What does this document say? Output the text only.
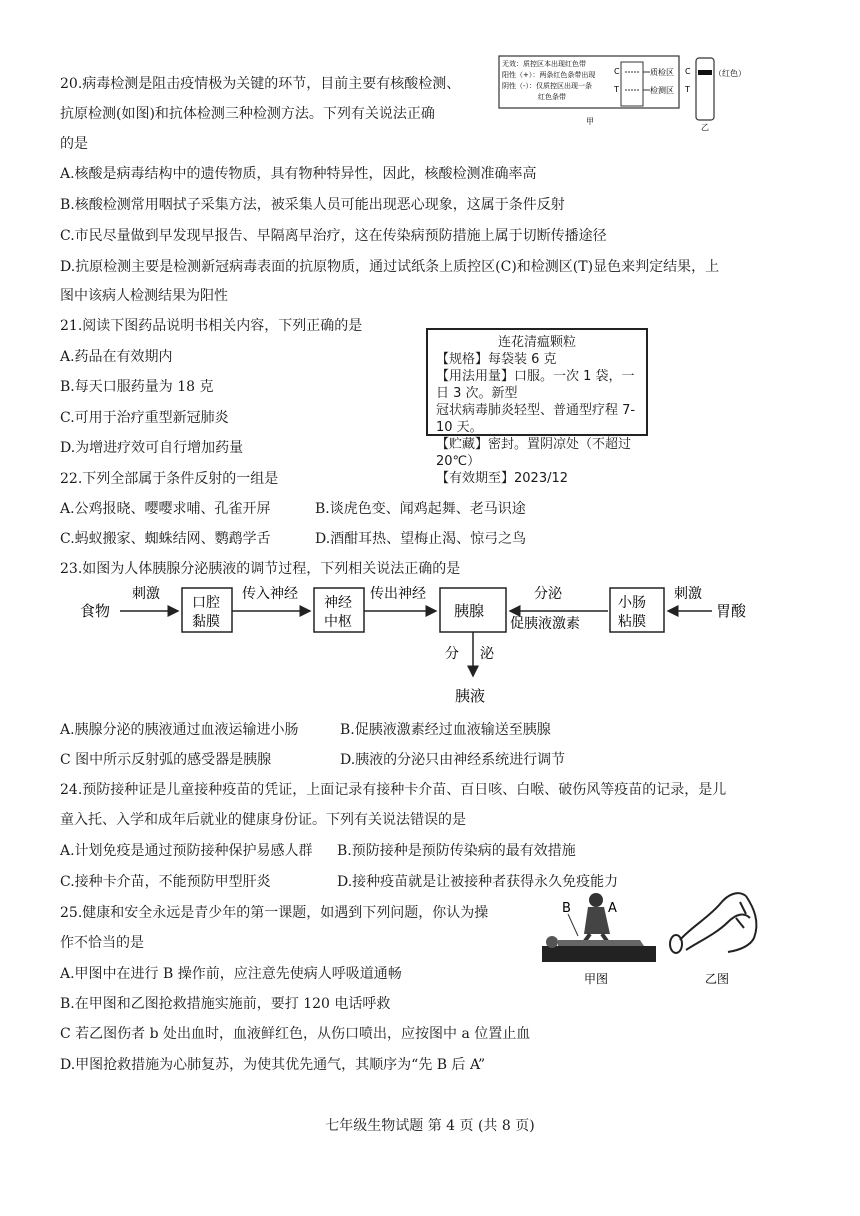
20.病毒检测是阻击疫情极为关键的环节，目前主要有核酸检测、
抗原检测(如图)和抗体检测三种检测方法。下列有关说法正确
的是
A.核酸是病毒结构中的遗传物质，具有物种特异性，因此，核酸检测准确率高
B.核酸检测常用咽拭子采集方法，被采集人员可能出现恶心现象，这属于条件反射
C.市民尽量做到早发现早报告、早隔离早治疗，这在传染病预防措施上属于切断传播途径
D.抗原检测主要是检测新冠病毒表面的抗原物质，通过试纸条上质控区(C)和检测区(T)显色来判定结果，上
图中该病人检测结果为阳性
无效：质控区本出现红色带
阳性（+）：两条红色条带出现
阴性（-）：仅质控区出现一条
红色条带
C
T
质检区
检测区
C
T
（红色）
甲
乙
21.阅读下图药品说明书相关内容，下列正确的是
A.药品在有效期内
B.每天口服药量为 18 克
C.可用于治疗重型新冠肺炎
D.为增进疗效可自行增加药量
连花清瘟颗粒
【规格】每袋装 6 克
【用法用量】口服。一次 1 袋，一日 3 次。新型
冠状病毒肺炎轻型、普通型疗程 7-10 天。
【贮藏】密封。置阴凉处（不超过 20℃）
【有效期至】2023/12
22.下列全部属于条件反射的一组是
A.公鸡报晓、嘤嘤求哺、孔雀开屏	B.谈虎色变、闻鸡起舞、老马识途
C.蚂蚁搬家、蜘蛛结网、鹦鹉学舌	D.酒酣耳热、望梅止渴、惊弓之鸟
23.如图为人体胰腺分泌胰液的调节过程，下列相关说法正确的是
食物
刺激
口腔
黏膜
传入神经
神经
中枢
传出神经
胰腺
分泌
促胰液激素
小肠
粘膜
刺激
胃酸
分 泌
胰液
A.胰腺分泌的胰液通过血液运输进小肠	B.促胰液激素经过血液输送至胰腺
C 图中所示反射弧的感受器是胰腺	D.胰液的分泌只由神经系统进行调节
24.预防接种证是儿童接种疫苗的凭证，上面记录有接种卡介苗、百日咳、白喉、破伤风等疫苗的记录，是儿
童入托、入学和成年后就业的健康身份证。下列有关说法错误的是
A.计划免疫是通过预防接种保护易感人群 B.预防接种是预防传染病的最有效措施
C.接种卡介苗，不能预防甲型肝炎	D.接种疫苗就是让被接种者获得永久免疫能力
25.健康和安全永远是青少年的第一课题，如遇到下列问题，你认为操
作不恰当的是
A.甲图中在进行 B 操作前，应注意先使病人呼吸道通畅
B.在甲图和乙图抢救措施实施前，要打 120 电话呼救
C 若乙图伤者 b 处出血时，血液鲜红色，从伤口喷出，应按图中 a 位置止血
D.甲图抢救措施为心肺复苏，为使其优先通气，其顺序为“先 B 后 A”
B	A
甲图	乙图
七年级生物试题 第 4 页 (共 8 页)
